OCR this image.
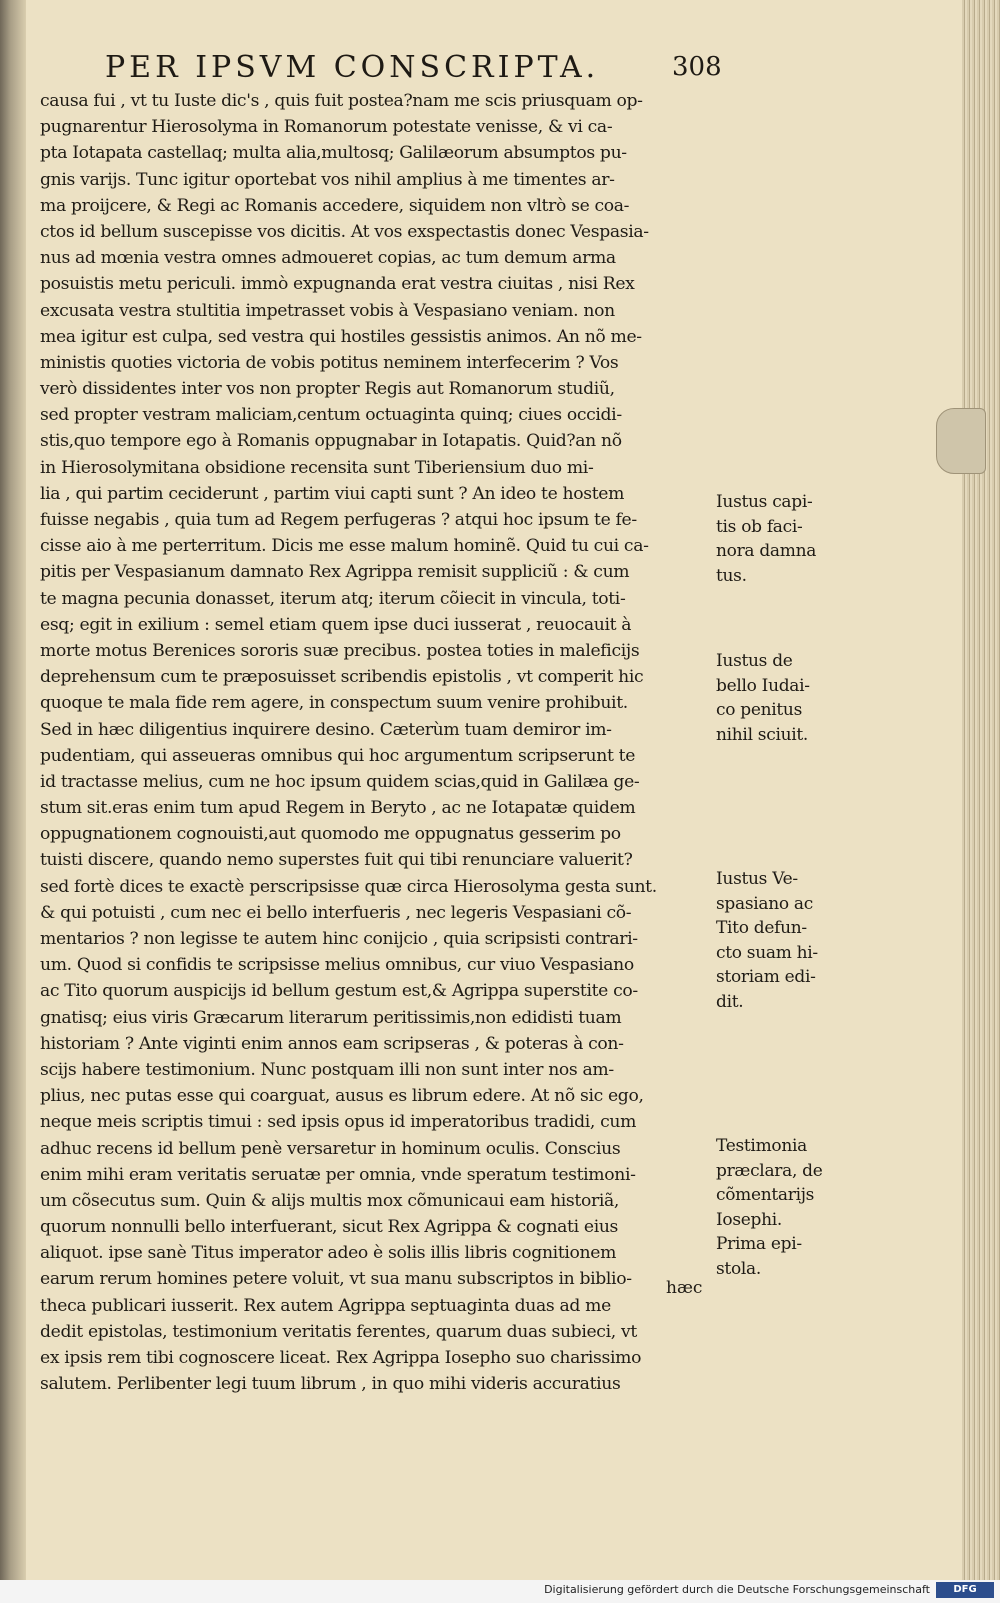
PER IPSVM CONSCRIPTA.	308
causa fui , vt tu Iuste dic's , quis fuit postea?nam me scis priusquam op-
pugnarentur Hierosolyma in Romanorum potestate venisse, & vi ca-
pta Iotapata castellaq; multa alia,multosq; Galilæorum absumptos pu-
gnis varijs. Tunc igitur oportebat vos nihil amplius à me timentes ar-
ma proijcere, & Regi ac Romanis accedere, siquidem non vltrò se coa-
ctos id bellum suscepisse vos dicitis. At vos exspectastis donec Vespasia-
nus ad mœnia vestra omnes admoueret copias, ac tum demum arma
posuistis metu periculi. immò expugnanda erat vestra ciuitas , nisi Rex
excusata vestra stultitia impetrasset vobis à Vespasiano veniam. non
mea igitur est culpa, sed vestra qui hostiles gessistis animos. An nõ me-
ministis quoties victoria de vobis potitus neminem interfecerim ? Vos
verò dissidentes inter vos non propter Regis aut Romanorum studiũ,
sed propter vestram maliciam,centum octuaginta quinq; ciues occidi-
stis,quo tempore ego à Romanis oppugnabar in Iotapatis. Quid?an nõ
in Hierosolymitana obsidione recensita sunt Tiberiensium duo mi-
lia , qui partim ceciderunt , partim viui capti sunt ? An ideo te hostem
fuisse negabis , quia tum ad Regem perfugeras ? atqui hoc ipsum te fe-
cisse aio à me perterritum. Dicis me esse malum hominẽ. Quid tu cui ca-
pitis per Vespasianum damnato Rex Agrippa remisit suppliciũ : & cum
te magna pecunia donasset, iterum atq; iterum cõiecit in vincula, toti-
esq; egit in exilium : semel etiam quem ipse duci iusserat , reuocauit à
morte motus Berenices sororis suæ precibus. postea toties in maleficijs
deprehensum cum te præposuisset scribendis epistolis , vt comperit hic
quoque te mala fide rem agere, in conspectum suum venire prohibuit.
Sed in hæc diligentius inquirere desino. Cæterùm tuam demiror im-
pudentiam, qui asseueras omnibus qui hoc argumentum scripserunt te
id tractasse melius, cum ne hoc ipsum quidem scias,quid in Galilæa ge-
stum sit.eras enim tum apud Regem in Beryto , ac ne Iotapatæ quidem
oppugnationem cognouisti,aut quomodo me oppugnatus gesserim po
tuisti discere, quando nemo superstes fuit qui tibi renunciare valuerit?
sed fortè dices te exactè perscripsisse quæ circa Hierosolyma gesta sunt.
& qui potuisti , cum nec ei bello interfueris , nec legeris Vespasiani cõ-
mentarios ? non legisse te autem hinc conijcio , quia scripsisti contrari-
um. Quod si confidis te scripsisse melius omnibus, cur viuo Vespasiano
ac Tito quorum auspicijs id bellum gestum est,& Agrippa superstite co-
gnatisq; eius viris Græcarum literarum peritissimis,non edidisti tuam
historiam ? Ante viginti enim annos eam scripseras , & poteras à con-
scijs habere testimonium. Nunc postquam illi non sunt inter nos am-
plius, nec putas esse qui coarguat, ausus es librum edere. At nõ sic ego,
neque meis scriptis timui : sed ipsis opus id imperatoribus tradidi, cum
adhuc recens id bellum penè versaretur in hominum oculis. Conscius
enim mihi eram veritatis seruatæ per omnia, vnde speratum testimoni-
um cõsecutus sum. Quin & alijs multis mox cõmunicaui eam historiã,
quorum nonnulli bello interfuerant, sicut Rex Agrippa & cognati eius
aliquot. ipse sanè Titus imperator adeo è solis illis libris cognitionem
earum rerum homines petere voluit, vt sua manu subscriptos in biblio-
theca publicari iusserit. Rex autem Agrippa septuaginta duas ad me
dedit epistolas, testimonium veritatis ferentes, quarum duas subieci, vt
ex ipsis rem tibi cognoscere liceat. Rex Agrippa Iosepho suo charissimo
salutem. Perlibenter legi tuum librum , in quo mihi videris accuratius
hæc
Iustus capi-
tis ob faci-
nora damna
tus.
Iustus de
bello Iudai-
co penitus
nihil sciuit.
Iustus Ve-
spasiano ac
Tito defun-
cto suam hi-
storiam edi-
dit.
Testimonia
præclara, de
cõmentarijs
Iosephi.
Prima epi-
stola.
Digitalisierung gefördert durch die Deutsche Forschungsgemeinschaft	DFG
